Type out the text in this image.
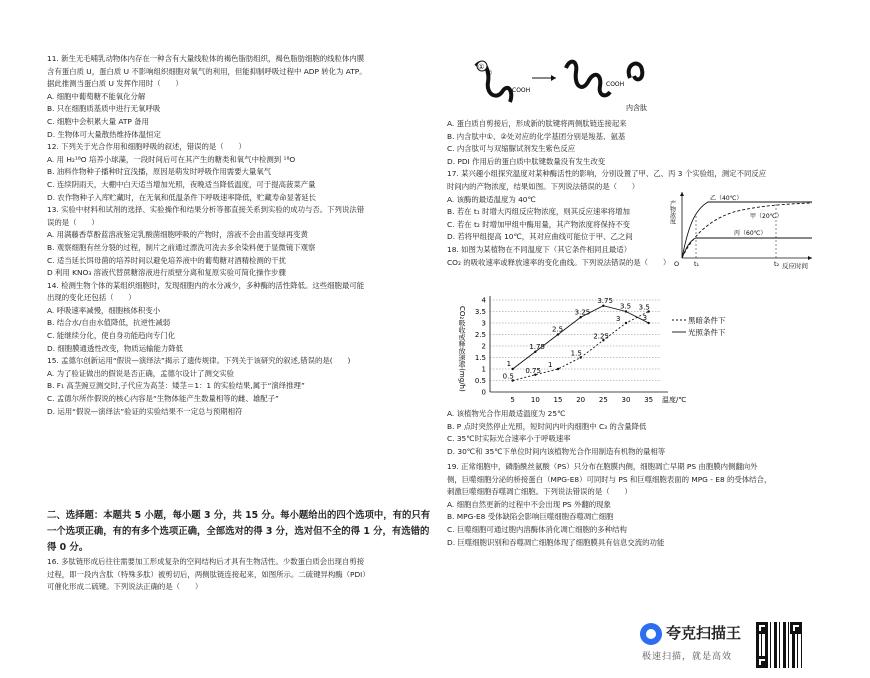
11. 新生无毛哺乳动物体内存在一种含有大量线粒体的褐色脂肪组织，褐色脂肪细胞的线粒体内膜

含有蛋白质 U，蛋白质 U 不影响组织细胞对氧气的利用，但能抑制呼吸过程中 ADP 转化为 ATP。

据此推测当蛋白质 U 发挥作用时（　　）

A. 细胞中葡萄糖不能氧化分解

B. 只在细胞质基质中进行无氧呼吸

C. 细胞中会积累大量 ATP 备用

D. 生物体可大量散热维持体温恒定

12. 下列关于光合作用和细胞呼吸的叙述，错误的是（　　）

A. 用 H₂¹⁸O 培养小球藻，一段时间后可在其产生的糖类和氧气中检测到 ¹⁸O

B. 油料作物种子播种时宜浅播，原因是萌发时呼吸作用需要大量氧气

C. 连续阴雨天，大棚中白天适当增加光照，夜晚适当降低温度，可于提高菠菜产量

D. 农作物种子入库贮藏时，在无氧和低温条件下呼吸速率降低，贮藏寿命显著延长

13. 实验中材料和试剂的选择、实验操作和结果分析等都直接关系到实验的成功与否。下列说法错

误的是（　　）

A. 用满藤香草酚蓝溶液鉴定乳酸菌细胞呼吸的产物时，溶液不会由蓝变绿再变黄

B. 观察细胞有丝分裂的过程，制片之前通过漂洗可洗去多余染料便于显微镜下观察

C. 适当延长饵母菌的培养时间以避免培养液中的葡萄糖对酒精检测的干扰

D 利用 KNO₃ 溶液代替蔗糖溶液进行质壁分离和复原实验可简化操作步骤

14. 检测生物个体的某组织细胞时，发现细胞内的水分减少，多种酶的活性降低。这些细胞最可能

出现的变化还包括（　　）

A. 呼吸速率减慢，细胞核体积变小

B. 结合水/自由水值降低，抗逆性减弱

C. 能继续分化，使自身功能趋向专门化

D. 细胞膜通透性改变，物质运输能力降低

15. 孟德尔创新运用“假说—演绎法”揭示了遗传规律。下列关于该研究的叙述,错误的是(　　)

A. 为了验证做出的假说是否正确，孟德尔设计了测交实验

B. F₁ 高茎豌豆测交时,子代应为高茎：矮茎＝1：1 的实验结果,属于“演绎推理”

C. 孟德尔所作假说的核心内容是“生物体能产生数量相等的雌、雄配子”

D. 运用“假说—演绎法”验证的实验结果不一定总与预期相符

二、选择题：本题共 5 小题，每小题 3 分，共 15 分。每小题给出的四个选项中，有的只有一个选项正确，有的有多个选项正确，全部选对的得 3 分，选对但不全的得 1 分，有选错的得 0 分。

16. 多肽链形成后往往需要加工形成复杂的空间结构后才具有生物活性。少数蛋白质会出现自剪接

过程，即一段内含肽（特殊多肽）被剪切后，两侧肽链连接起来，如图所示。二硫键异构酶（PDI）

可催化形成二硫键。下列说法正确的是（　　）

①
②
COOH
COOH
内含肽

A. 蛋白质自剪接后，形成新的肽键将两侧肽链连接起来

B. 内含肽中①、②处对应的化学基团分别是羧基、氨基

C. 内含肽可与双缩脲试剂发生紫色反应

D. PDI 作用后的蛋白质中肽键数量没有发生改变

17. 某兴趣小组探究温度对某种酶活性的影响，分别设置了甲、乙、丙 3 个实验组，测定不同反应

时间内的产物浓度，结果如图。下列说法错误的是（　　）

A. 该酶的最适温度为 40℃

B. 若在 t₁ 时增大丙组反应物浓度，则其反应速率将增加

C. 若在 t₂ 时增加甲组中酶用量，其产物浓度将保持不变

D. 若将甲组提高 10℃，其对应曲线可能位于甲、乙之间

18. 如图为某植物在不同温度下（其它条件相同且最适）

CO₂ 的吸收速率或释放速率的变化曲线。下列说法错误的是（　　）

产物浓度
反应时间
O t₁	t₂
乙（40℃）
甲（20℃）
丙（60℃）
0
0.5
1
1.5
2
2.5
3
3.5
4
5 10 15 20 25 30 35 温度/℃
CO₂吸收或释放速率(mg/h)	0.5
0.75
1
1.5
2.25
3
3.5
黑暗条件下
1
1.75
2.5
3.25
3.75
3.5
3
光照条件下

A. 该植物光合作用最适温度为 25℃

B. P 点时突然停止光照，短时间内叶肉细胞中 C₃ 的含量降低

C. 35℃时实际光合速率小于呼吸速率

D. 30℃和 35℃下单位时间内该植物光合作用制造有机物的量相等

19. 正常细胞中，磷脂酰丝氨酸（PS）只分布在胞膜内侧，细胞凋亡早期 PS 由胞膜内侧翻向外

侧，巨噬细胞分泌的桥接蛋白（MPG-E8）可同时与 PS 和巨噬细胞表面的 MPG - E8 的受体结合，

刺激巨噬细胞吞噬凋亡细胞。下列说法错误的是（　　）

A. 细胞自然更新的过程中不会出现 PS 外翻的现象

B. MPG-E8 受体缺陷会影响巨噬细胞吞噬凋亡细胞

C. 巨噬细胞可通过胞内溶酶体消化凋亡细胞的多种结构

D. 巨噬细胞识别和吞噬凋亡细胞体现了细胞膜具有信息交流的功能

夸克扫描王
极速扫描，就是高效
